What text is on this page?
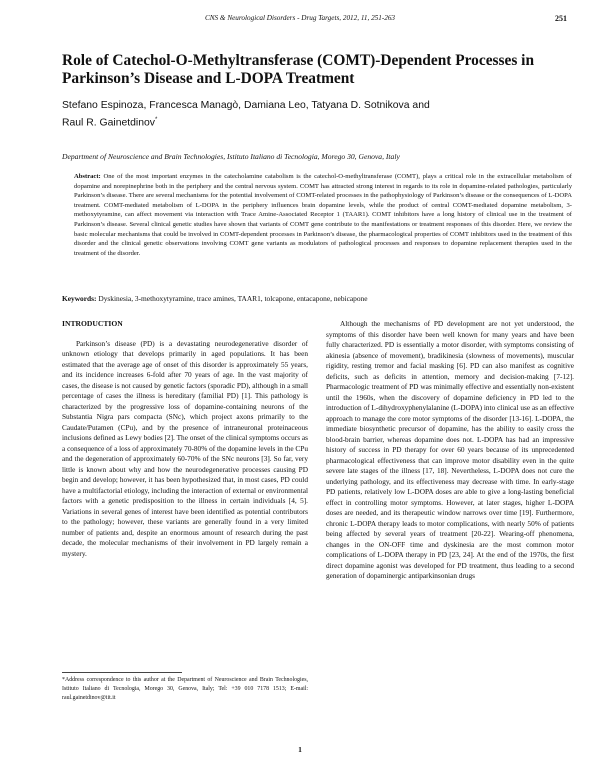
CNS & Neurological Disorders - Drug Targets, 2012, 11, 251-263	251
Role of Catechol-O-Methyltransferase (COMT)-Dependent Processes in Parkinson’s Disease and L-DOPA Treatment
Stefano Espinoza, Francesca Managò, Damiana Leo, Tatyana D. Sotnikova and
Raul R. Gainetdinov*
Department of Neuroscience and Brain Technologies, Istituto Italiano di Tecnologia, Morego 30, Genova, Italy
Abstract: One of the most important enzymes in the catecholamine catabolism is the catechol-O-methyltransferase (COMT), plays a critical role in the extracellular metabolism of dopamine and norepinephrine both in the periphery and the central nervous system. COMT has attracted strong interest in regards to its role in dopamine-related pathologies, particularly Parkinson’s disease. There are several mechanisms for the potential involvement of COMT-related processes in the pathophysiology of Parkinson’s disease or the consequences of L-DOPA treatment. COMT-mediated metabolism of L-DOPA in the periphery influences brain dopamine levels, while the product of central COMT-mediated dopamine metabolism, 3-methoxytyramine, can affect movement via interaction with Trace Amine-Associated Receptor 1 (TAAR1). COMT inhibitors have a long history of clinical use in the treatment of Parkinson’s disease. Several clinical genetic studies have shown that variants of COMT gene contribute to the manifestations or treatment responses of this disorder. Here, we review the basic molecular mechanisms that could be involved in COMT-dependent processes in Parkinson’s disease, the pharmacological properties of COMT inhibitors used in the treatment of this disorder and the clinical genetic observations involving COMT gene variants as modulators of pathological processes and responses to dopamine replacement therapies used in the treatment of the disorder.
Keywords: Dyskinesia, 3-methoxytyramine, trace amines, TAAR1, tolcapone, entacapone, nebicapone
INTRODUCTION

Parkinson’s disease (PD) is a devastating neurodegenerative disorder of unknown etiology that develops primarily in aged populations. It has been estimated that the average age of onset of this disorder is approximately 55 years, and its incidence increases 6-fold after 70 years of age. In the vast majority of cases, the disease is not caused by genetic factors (sporadic PD), although in a small percentage of cases the illness is hereditary (familial PD) [1]. This pathology is characterized by the progressive loss of dopamine-containing neurons of the Substantia Nigra pars compacta (SNc), which project axons primarily to the Caudate/Putamen (CPu), and by the presence of intraneuronal proteinaceous inclusions defined as Lewy bodies [2]. The onset of the clinical symptoms occurs as a consequence of a loss of approximately 70-80% of the dopamine levels in the CPu and the degeneration of approximately 60-70% of the SNc neurons [3]. So far, very little is known about why and how the neurodegenerative processes causing PD begin and develop; however, it has been hypothesized that, in most cases, PD could have a multifactorial etiology, including the interaction of external or environmental factors with a genetic predisposition to the illness in certain individuals [4, 5]. Variations in several genes of interest have been identified as potential contributors to the pathology; however, these variants are generally found in a very limited number of patients and, despite an enormous amount of research during the past decade, the molecular mechanisms of their involvement in PD largely remain a mystery.

Although the mechanisms of PD development are not yet understood, the symptoms of this disorder have been well known for many years and have been fully characterized. PD is essentially a motor disorder, with symptoms consisting of akinesia (absence of movement), bradikinesia (slowness of movements), muscular rigidity, resting tremor and facial masking [6]. PD can also manifest as cognitive deficits, such as deficits in attention, memory and decision-making [7-12]. Pharmacologic treatment of PD was minimally effective and essentially non-existent until the 1960s, when the discovery of dopamine deficiency in PD led to the introduction of L-dihydroxyphenylalanine (L-DOPA) into clinical use as an effective approach to manage the core motor symptoms of the disorder [13-16]. L-DOPA, the immediate biosynthetic precursor of dopamine, has the ability to easily cross the blood-brain barrier, whereas dopamine does not. L-DOPA has had an impressive history of success in PD therapy for over 60 years because of its unprecedented pharmacological effectiveness that can improve motor disability even in the quite severe late stages of the illness [17, 18]. Nevertheless, L-DOPA does not cure the underlying pathology, and its effectiveness may decrease with time. In early-stage PD patients, relatively low L-DOPA doses are able to give a long-lasting beneficial effect in controlling motor symptoms. However, at later stages, higher L-DOPA doses are needed, and its therapeutic window narrows over time [19]. Furthermore, chronic L-DOPA therapy leads to motor complications, with nearly 50% of patients being affected by several years of treatment [20-22]. Wearing-off phenomena, changes in the ON-OFF time and dyskinesia are the most common motor complications of L-DOPA therapy in PD [23, 24]. At the end of the 1970s, the first direct dopamine agonist was developed for PD treatment, thus leading to a second generation of dopaminergic antiparkinsonian drugs

*Address correspondence to this author at the Department of Neuroscience and Brain Technologies, Istituto Italiano di Tecnologia, Morego 30, Genova, Italy; Tel: +39 010 7178 1513; E-mail: raul.gainetdinov@iit.it
1
